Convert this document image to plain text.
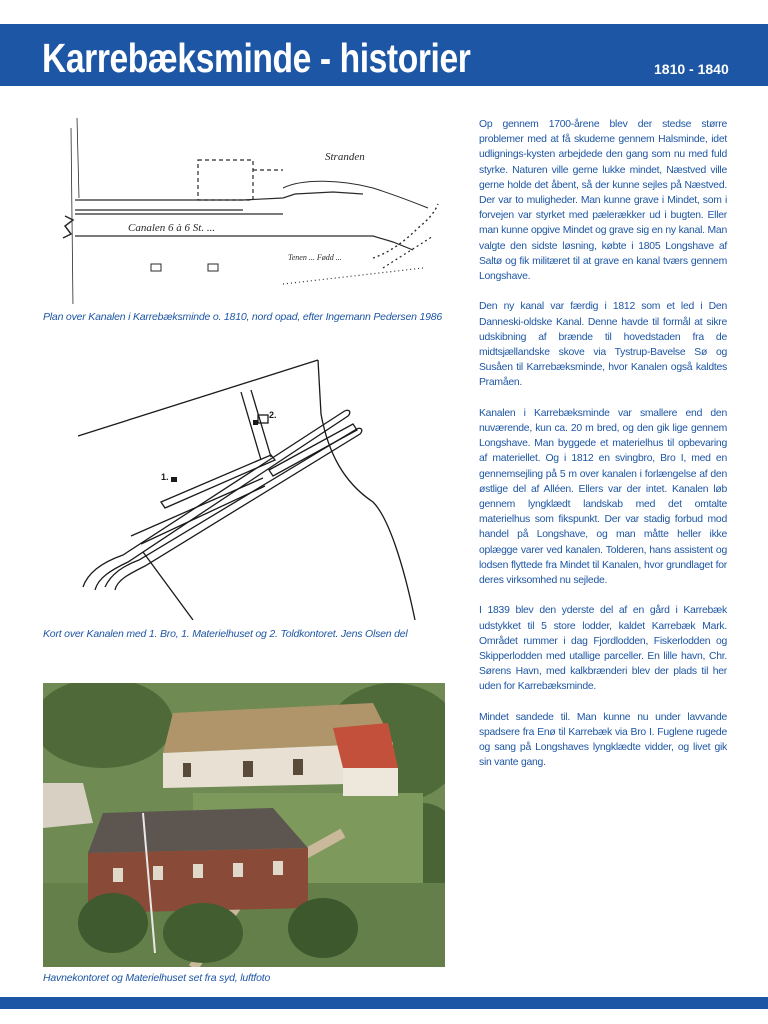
Karrebæksminde - historier	1810 - 1840
Stranden
Canalen 6 à 6 St. ...
Tenen ... Fødd ...
Plan over Kanalen i Karrebæksminde o. 1810, nord opad, efter Ingemann Pedersen 1986
1.
2.
Kort over Kanalen med 1. Bro, 1. Materielhuset og 2. Toldkontoret. Jens Olsen del
Havnekontoret og Materielhuset set fra syd, luftfoto

Op gennem 1700-årene blev der stedse større problemer med at få skuderne gennem Halsminde, idet udlignings-kysten arbejdede den gang som nu med fuld styrke. Naturen ville gerne lukke mindet, Næstved ville gerne holde det åbent, så der kunne sejles på Næstved. Der var to muligheder. Man kunne grave i Mindet, som i forvejen var styrket med pælerækker ud i bugten. Eller man kunne opgive Mindet og grave sig en ny kanal. Man valgte den sidste løsning, købte i 1805 Longshave af Saltø og fik militæret til at grave en kanal tværs gennem Longshave.

Den ny kanal var færdig i 1812 som et led i Den Danneski-oldske Kanal. Denne havde til formål at sikre udskibning af brænde til hovedstaden fra de midtsjællandske skove via Tystrup-Bavelse Sø og Susåen til Karrebæksminde, hvor Kanalen også kaldtes Pramåen.

Kanalen i Karrebæksminde var smallere end den nuværende, kun ca. 20 m bred, og den gik lige gennem Longshave. Man byggede et materielhus til opbevaring af materiellet. Og i 1812 en svingbro, Bro I, med en gennemsejling på 5 m over kanalen i forlængelse af den østlige del af Alléen. Ellers var der intet. Kanalen løb gennem lyngklædt landskab med det omtalte materielhus som fikspunkt. Der var stadig forbud mod handel på Longshave, og man måtte heller ikke oplægge varer ved kanalen. Tolderen, hans assistent og lodsen flyttede fra Mindet til Kanalen, hvor grundlaget for deres virksomhed nu sejlede.

I 1839 blev den yderste del af en gård i Karrebæk udstykket til 5 store lodder, kaldet Karrebæk Mark. Området rummer i dag Fjordlodden, Fiskerlodden og Skipperlodden med utallige parceller. En lille havn, Chr. Sørens Havn, med kalkbrænderi blev der plads til her uden for Karrebæksminde.

Mindet sandede til. Man kunne nu under lavvande spadsere fra Enø til Karrebæk via Bro I. Fuglene rugede og sang på Longshaves lyngklædte vidder, og livet gik sin vante gang.
